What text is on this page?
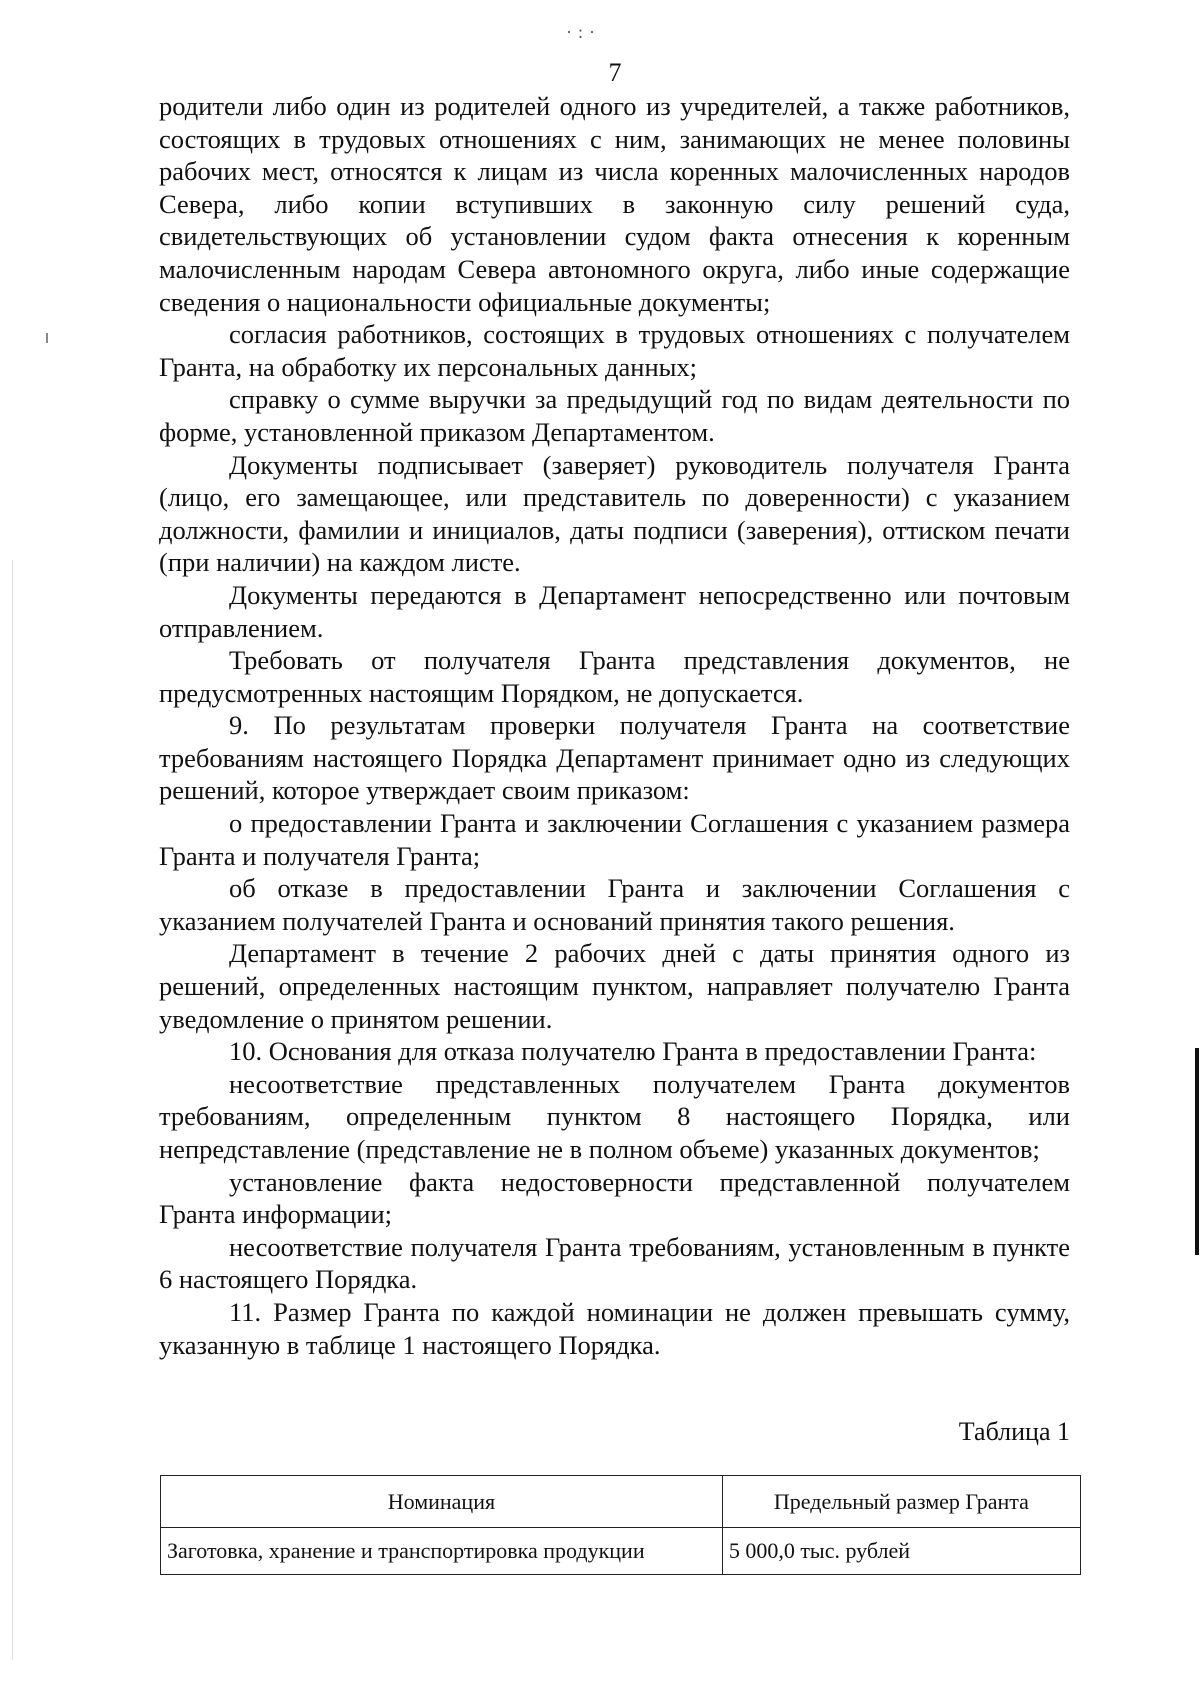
·:·
7

родители либо один из родителей одного из учредителей, а также работников, состоящих в трудовых отношениях с ним, занимающих не менее половины рабочих мест, относятся к лицам из числа коренных малочисленных народов Севера, либо копии вступивших в законную силу решений суда, свидетельствующих об установлении судом факта отнесения к коренным малочисленным народам Севера автономного округа, либо иные содержащие сведения о национальности официальные документы;

согласия работников, состоящих в трудовых отношениях с получателем Гранта, на обработку их персональных данных;

справку о сумме выручки за предыдущий год по видам деятельности по форме, установленной приказом Департаментом.

Документы подписывает (заверяет) руководитель получателя Гранта (лицо, его замещающее, или представитель по доверенности) с указанием должности, фамилии и инициалов, даты подписи (заверения), оттиском печати (при наличии) на каждом листе.

Документы передаются в Департамент непосредственно или почтовым отправлением.

Требовать от получателя Гранта представления документов, не предусмотренных настоящим Порядком, не допускается.

9. По результатам проверки получателя Гранта на соответствие требованиям настоящего Порядка Департамент принимает одно из следующих решений, которое утверждает своим приказом:

о предоставлении Гранта и заключении Соглашения с указанием размера Гранта и получателя Гранта;

об отказе в предоставлении Гранта и заключении Соглашения с указанием получателей Гранта и оснований принятия такого решения.

Департамент в течение 2 рабочих дней с даты принятия одного из решений, определенных настоящим пунктом, направляет получателю Гранта уведомление о принятом решении.

10. Основания для отказа получателю Гранта в предоставлении Гранта:

несоответствие представленных получателем Гранта документов требованиям, определенным пунктом 8 настоящего Порядка, или непредставление (представление не в полном объеме) указанных документов;

установление факта недостоверности представленной получателем Гранта информации;

несоответствие получателя Гранта требованиям, установленным в пункте 6 настоящего Порядка.

11. Размер Гранта по каждой номинации не должен превышать сумму, указанную в таблице 1 настоящего Порядка.

Таблица 1
Номинация	Предельный размер Гранта
Заготовка, хранение и транспортировка продукции	5 000,0 тыс. рублей
